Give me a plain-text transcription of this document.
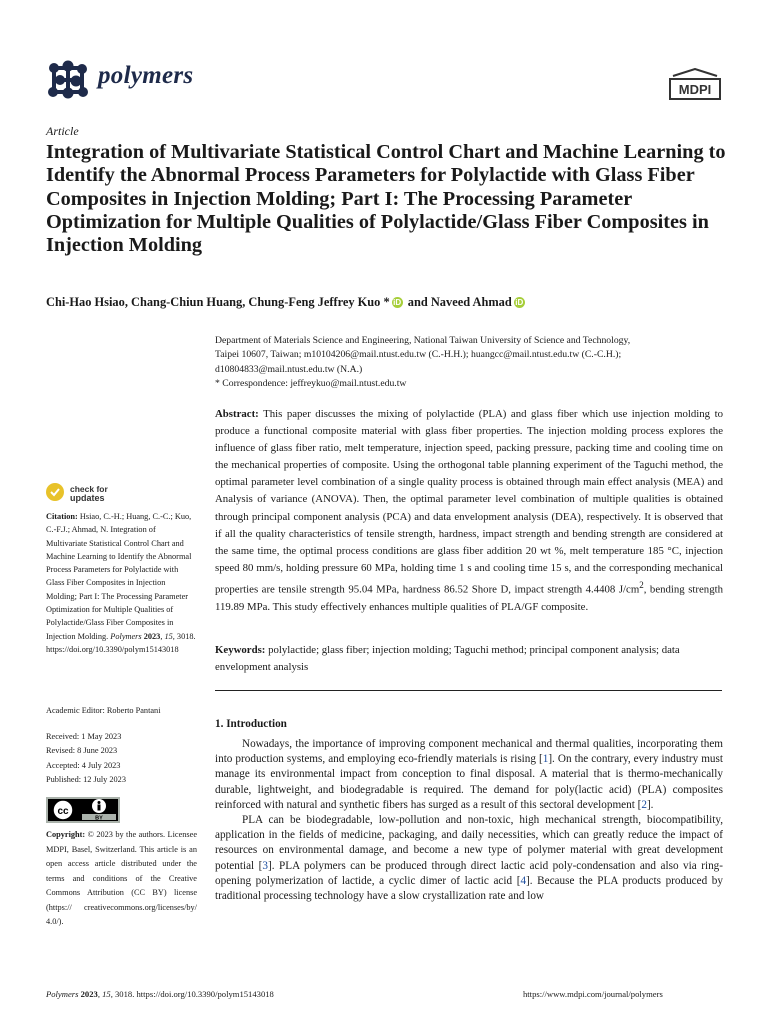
polymers
MDPI
Article
Integration of Multivariate Statistical Control Chart and Machine Learning to Identify the Abnormal Process Parameters for Polylactide with Glass Fiber Composites in Injection Molding; Part I: The Processing Parameter Optimization for Multiple Qualities of Polylactide/Glass Fiber Composites in Injection Molding
Chi-Hao Hsiao, Chang-Chiun Huang, Chung-Feng Jeffrey Kuo * iD and Naveed Ahmad iD

Department of Materials Science and Engineering, National Taiwan University of Science and Technology,

Taipei 10607, Taiwan; m10104206@mail.ntust.edu.tw (C.-H.H.); huangcc@mail.ntust.edu.tw (C.-C.H.);

d10804833@mail.ntust.edu.tw (N.A.)

* Correspondence: jeffreykuo@mail.ntust.edu.tw

Abstract: This paper discusses the mixing of polylactide (PLA) and glass fiber which use injection molding to produce a functional composite material with glass fiber properties. The injection molding process explores the influence of glass fiber ratio, melt temperature, injection speed, packing pressure, packing time and cooling time on the mechanical properties of composite. Using the orthogonal table planning experiment of the Taguchi method, the optimal parameter level combination of a single quality process is obtained through main effect analysis (MEA) and Analysis of variance (ANOVA). Then, the optimal parameter level combination of multiple qualities is obtained through principal component analysis (PCA) and data envelopment analysis (DEA), respectively. It is observed that if all the quality characteristics of tensile strength, hardness, impact strength and bending strength are considered at the same time, the optimal process conditions are glass fiber addition 20 wt %, melt temperature 185 °C, injection speed 80 mm/s, holding pressure 60 MPa, holding time 1 s and cooling time 15 s, and the corresponding mechanical properties are tensile strength 95.04 MPa, hardness 86.52 Shore D, impact strength 4.4408 $J/cm^2$, bending strength 119.89 MPa. This study effectively enhances multiple qualities of PLA/GF composite.

Keywords: polylactide; glass fiber; injection molding; Taguchi method; principal component analysis; data envelopment analysis

check for
updates

Citation: Hsiao, C.-H.; Huang, C.-C.; Kuo, C.-F.J.; Ahmad, N. Integration of Multivariate Statistical Control Chart and Machine Learning to Identify the Abnormal Process Parameters for Polylactide with Glass Fiber Composites in Injection Molding; Part I: The Processing Parameter Optimization for Multiple Qualities of Polylactide/Glass Fiber Composites in Injection Molding. Polymers 2023, 15, 3018. https://doi.org/10.3390/polym15143018

Academic Editor: Roberto Pantani

Received: 1 May 2023

Revised: 8 June 2023

Accepted: 4 July 2023

Published: 12 July 2023

cc
BY

Copyright: © 2023 by the authors. Licensee MDPI, Basel, Switzerland. This article is an open access article distributed under the terms and conditions of the Creative Commons Attribution (CC BY) license (https:// creativecommons.org/licenses/by/ 4.0/).

1. Introduction

Nowadays, the importance of improving component mechanical and thermal qualities, incorporating them into production systems, and employing eco-friendly materials is rising [1]. On the contrary, every industry must manage its environmental impact from conception to final disposal. A material that is thermo-mechanically durable, lightweight, and biodegradable is required. The demand for poly(lactic acid) (PLA) composites reinforced with natural and synthetic fibers has surged as a result of this sectoral development [2].

PLA can be biodegradable, low-pollution and non-toxic, high mechanical strength, biocompatibility, application in the fields of medicine, packaging, and daily necessities, which can greatly reduce the impact of resources on environmental damage, and become a new type of polymer material with great development potential [3]. PLA polymers can be produced through direct lactic acid poly-condensation and also via ring-opening polymerization of lactide, a cyclic dimer of lactic acid [4]. Because the PLA products produced by traditional processing technology have a slow crystallization rate and low

Polymers 2023, 15, 3018. https://doi.org/10.3390/polym15143018	https://www.mdpi.com/journal/polymers
